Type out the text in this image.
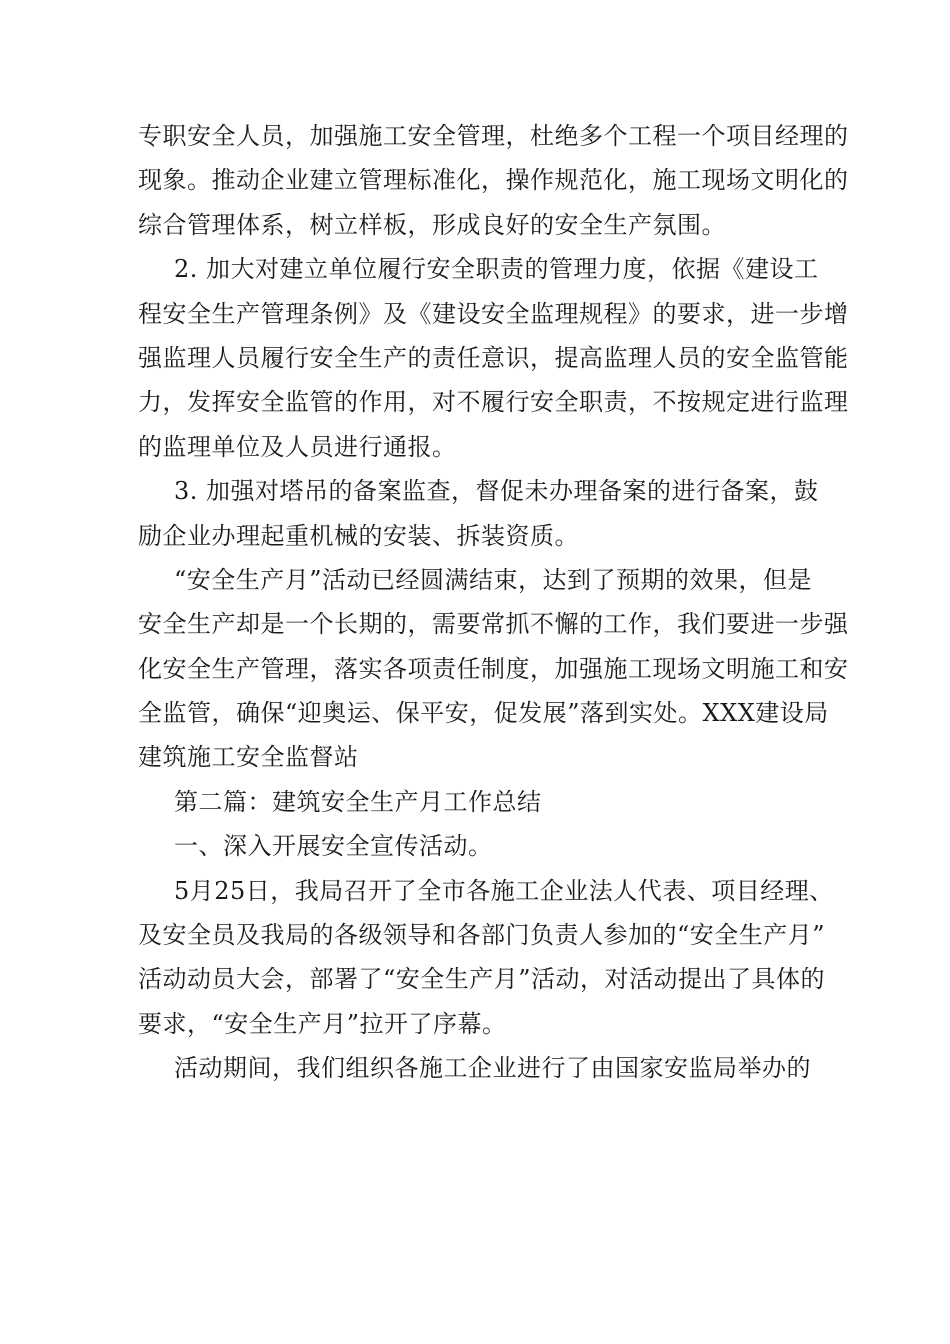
专职安全人员，加强施工安全管理，杜绝多个工程一个项目经理的
现象。推动企业建立管理标准化，操作规范化，施工现场文明化的
综合管理体系，树立样板，形成良好的安全生产氛围。
2. 加大对建立单位履行安全职责的管理力度，依据《建设工
程安全生产管理条例》及《建设安全监理规程》的要求，进一步增
强监理人员履行安全生产的责任意识，提高监理人员的安全监管能
力，发挥安全监管的作用，对不履行安全职责，不按规定进行监理
的监理单位及人员进行通报。
3. 加强对塔吊的备案监查，督促未办理备案的进行备案，鼓
励企业办理起重机械的安装、拆装资质。
“安全生产月”活动已经圆满结束，达到了预期的效果，但是
安全生产却是一个长期的，需要常抓不懈的工作，我们要进一步强
化安全生产管理，落实各项责任制度，加强施工现场文明施工和安
全监管，确保“迎奥运、保平安，促发展”落到实处。XXX建设局
建筑施工安全监督站
第二篇：建筑安全生产月工作总结
一、深入开展安全宣传活动。
5月25日，我局召开了全市各施工企业法人代表、项目经理、
及安全员及我局的各级领导和各部门负责人参加的“安全生产月”
活动动员大会，部署了“安全生产月”活动，对活动提出了具体的
要求，“安全生产月”拉开了序幕。
活动期间，我们组织各施工企业进行了由国家安监局举办的
